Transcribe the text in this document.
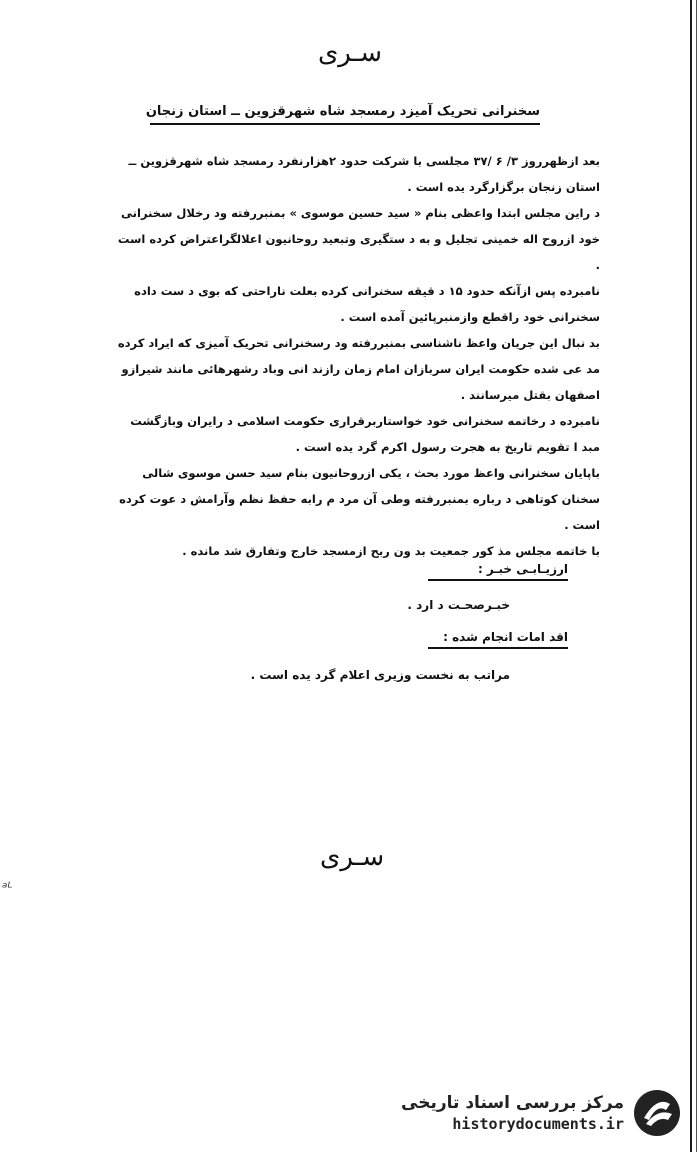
سـری
سخنرانی تحریک آمیزد رمسجد شاه شهرقزوین ــ استان زنجان

بعد ازظهرروز ۳/ ۶ /۳۷ مجلسی با شرکت حدود ۲هزارنفرد رمسجد شاه شهرقزوین ــ استان زنجان برگزارگرد یده است .

د راین مجلس ابتدا واعظی بنام « سید حسین موسوی » بمنبررفته ود رخلال سخنرانی خود ازروح اله خمینی تجلیل و به د ستگیری وتبعید روحانیون اعلالگراعتراض کرده است .

نامبرده پس ازآنکه حدود ۱۵ د قیقه سخنرانی کرده بعلت ناراحتی که بوی د ست داده سخنرانی خود راقطع وازمنبرپائین آمده است .

بد نبال این جریان واعظ ناشناسی بمنبررفته ود رسخنرانی تحریک آمیزی که ایراد کرده مد عی شده حکومت ایران سربازان امام زمان رازند انی وباد رشهرهائی مانند شیرازو اصفهان بقتل میرسانند .

نامبرده د رخاتمه سخنرانی خود خواستاربرقراری حکومت اسلامی د رایران وبازگشت مبد ا تقویم تاریخ به هجرت رسول اکرم گرد یده است .

باپایان سخنرانی واعظ مورد بحث ، یکی ازروحانیون بنام سید حسن موسوی شالی سخنان کوتاهی د رباره بمنبررفته وطی آن مرد م رابه حفظ نظم وآرامش د عوت کرده است .

با خاتمه مجلس مذ کور جمعیت بد ون ربح ازمسجد خارج وتفارق شد مانده .

ارزیـابـی خبـر :
خبـرصحـت د ارد .
اقد امات انجام شده :
مراتب به نخست وزیری اعلام گرد یده است .
سـری
ᵃᴸ
مرکز بررسی اسناد تاریخی
historydocuments.ir
